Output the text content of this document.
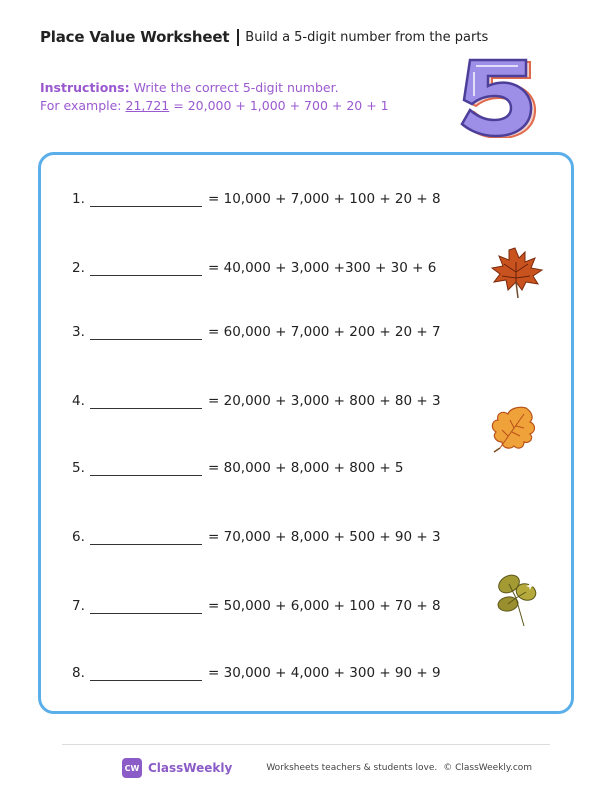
Place Value Worksheet Build a 5-digit number from the parts
Instructions: Write the correct 5-digit number.
For example: 21,721 = 20,000 + 1,000 + 700 + 20 + 1
1.	= 10,000 + 7,000 + 100 + 20 + 8
2.	= 40,000 + 3,000 +300 + 30 + 6
3.	= 60,000 + 7,000 + 200 + 20 + 7
4.	= 20,000 + 3,000 + 800 + 80 + 3
5.	= 80,000 + 8,000 + 800 + 5
6.	= 70,000 + 8,000 + 500 + 90 + 3
7.	= 50,000 + 6,000 + 100 + 70 + 8
8.	= 30,000 + 4,000 + 300 + 90 + 9
CW ClassWeekly	Worksheets teachers & students love. © ClassWeekly.com
